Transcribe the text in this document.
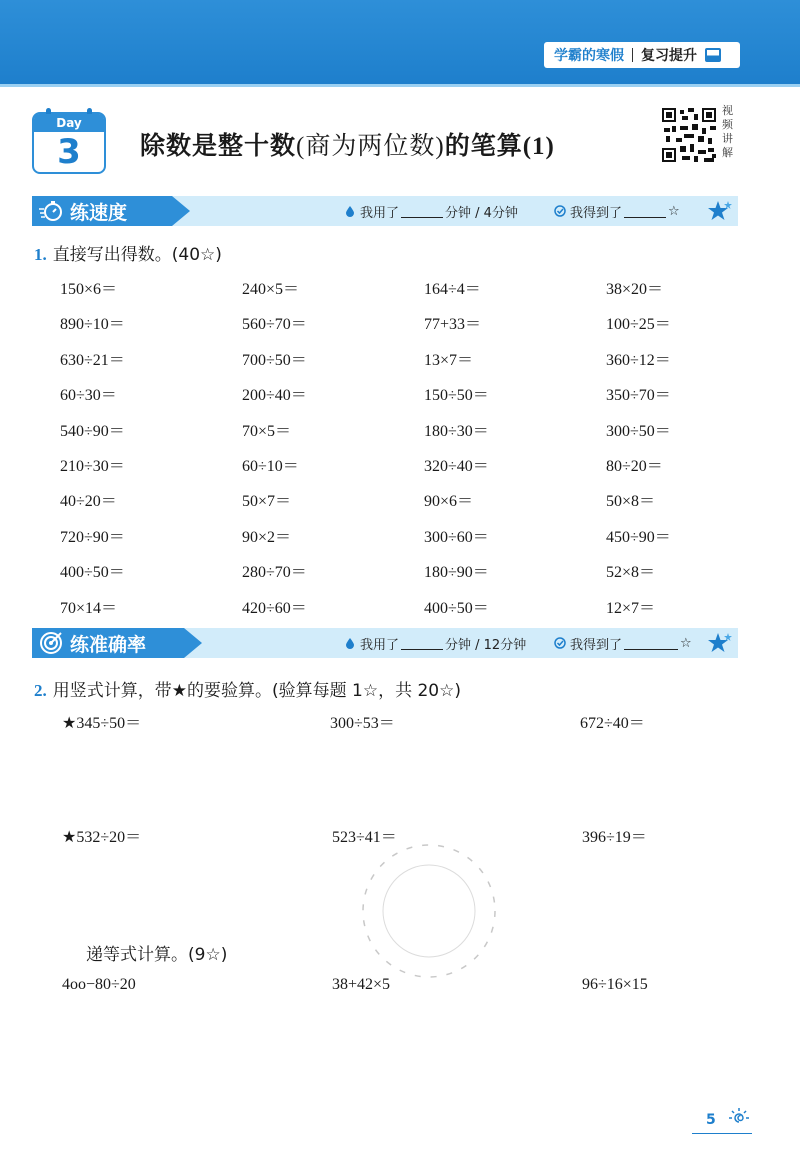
学霸的寒假 复习提升
Day
3	除数是整十数(商为两位数)的笔算(1)
视频讲解
练速度	我用了	分钟 / 4分钟	我得到了	☆
1. 直接写出得数。(40☆)
150×6＝	240×5＝	164÷4＝	38×20＝
890÷10＝	560÷70＝	77+33＝	100÷25＝
630÷21＝	700÷50＝	13×7＝	360÷12＝
60÷30＝	200÷40＝	150÷50＝	350÷70＝
540÷90＝	70×5＝	180÷30＝	300÷50＝
210÷30＝	60÷10＝	320÷40＝	80÷20＝
40÷20＝	50×7＝	90×6＝	50×8＝
720÷90＝	90×2＝	300÷60＝	450÷90＝
400÷50＝	280÷70＝	180÷90＝	52×8＝
70×14＝	420÷60＝	400÷50＝	12×7＝
练准确率	我用了	分钟 / 12分钟	我得到了	☆
2. 用竖式计算，带★的要验算。(验算每题 1☆，共 20☆)
★345÷50＝	300÷53＝	672÷40＝
★532÷20＝	523÷41＝	396÷19＝
递等式计算。(9☆)
4oo−80÷20	38+42×5	96÷16×15
5
